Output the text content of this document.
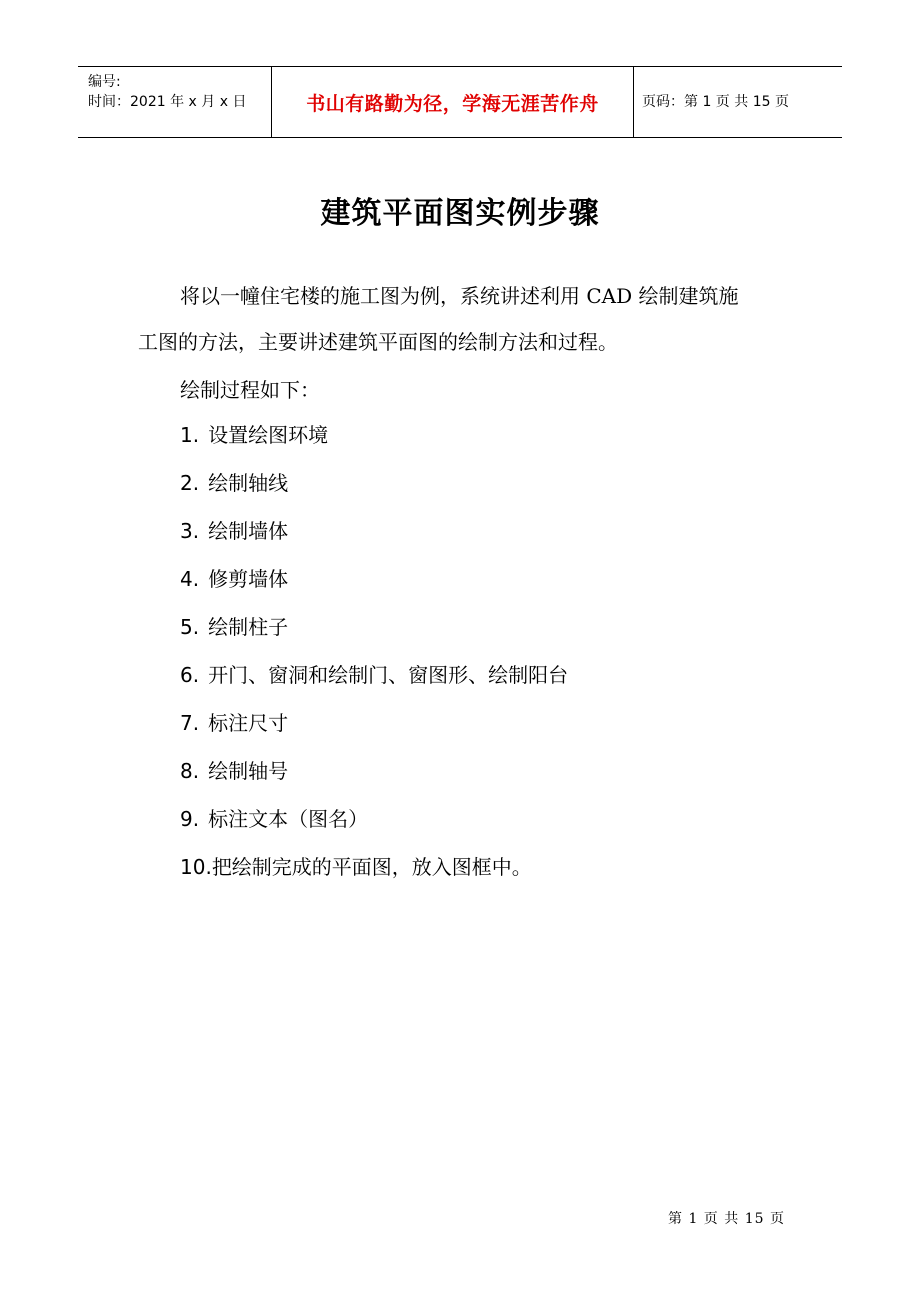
编号:
时间：2021 年 x 月 x 日	书山有路勤为径，学海无涯苦作舟	页码：第 1 页 共 15 页
建筑平面图实例步骤
将以一幢住宅楼的施工图为例，系统讲述利用 CAD 绘制建筑施
工图的方法，主要讲述建筑平面图的绘制方法和过程。
绘制过程如下：
1. 设置绘图环境
2. 绘制轴线
3. 绘制墙体
4. 修剪墙体
5. 绘制柱子
6. 开门、窗洞和绘制门、窗图形、绘制阳台
7. 标注尺寸
8. 绘制轴号
9. 标注文本（图名）
10.把绘制完成的平面图，放入图框中。
第 1 页 共 15 页
